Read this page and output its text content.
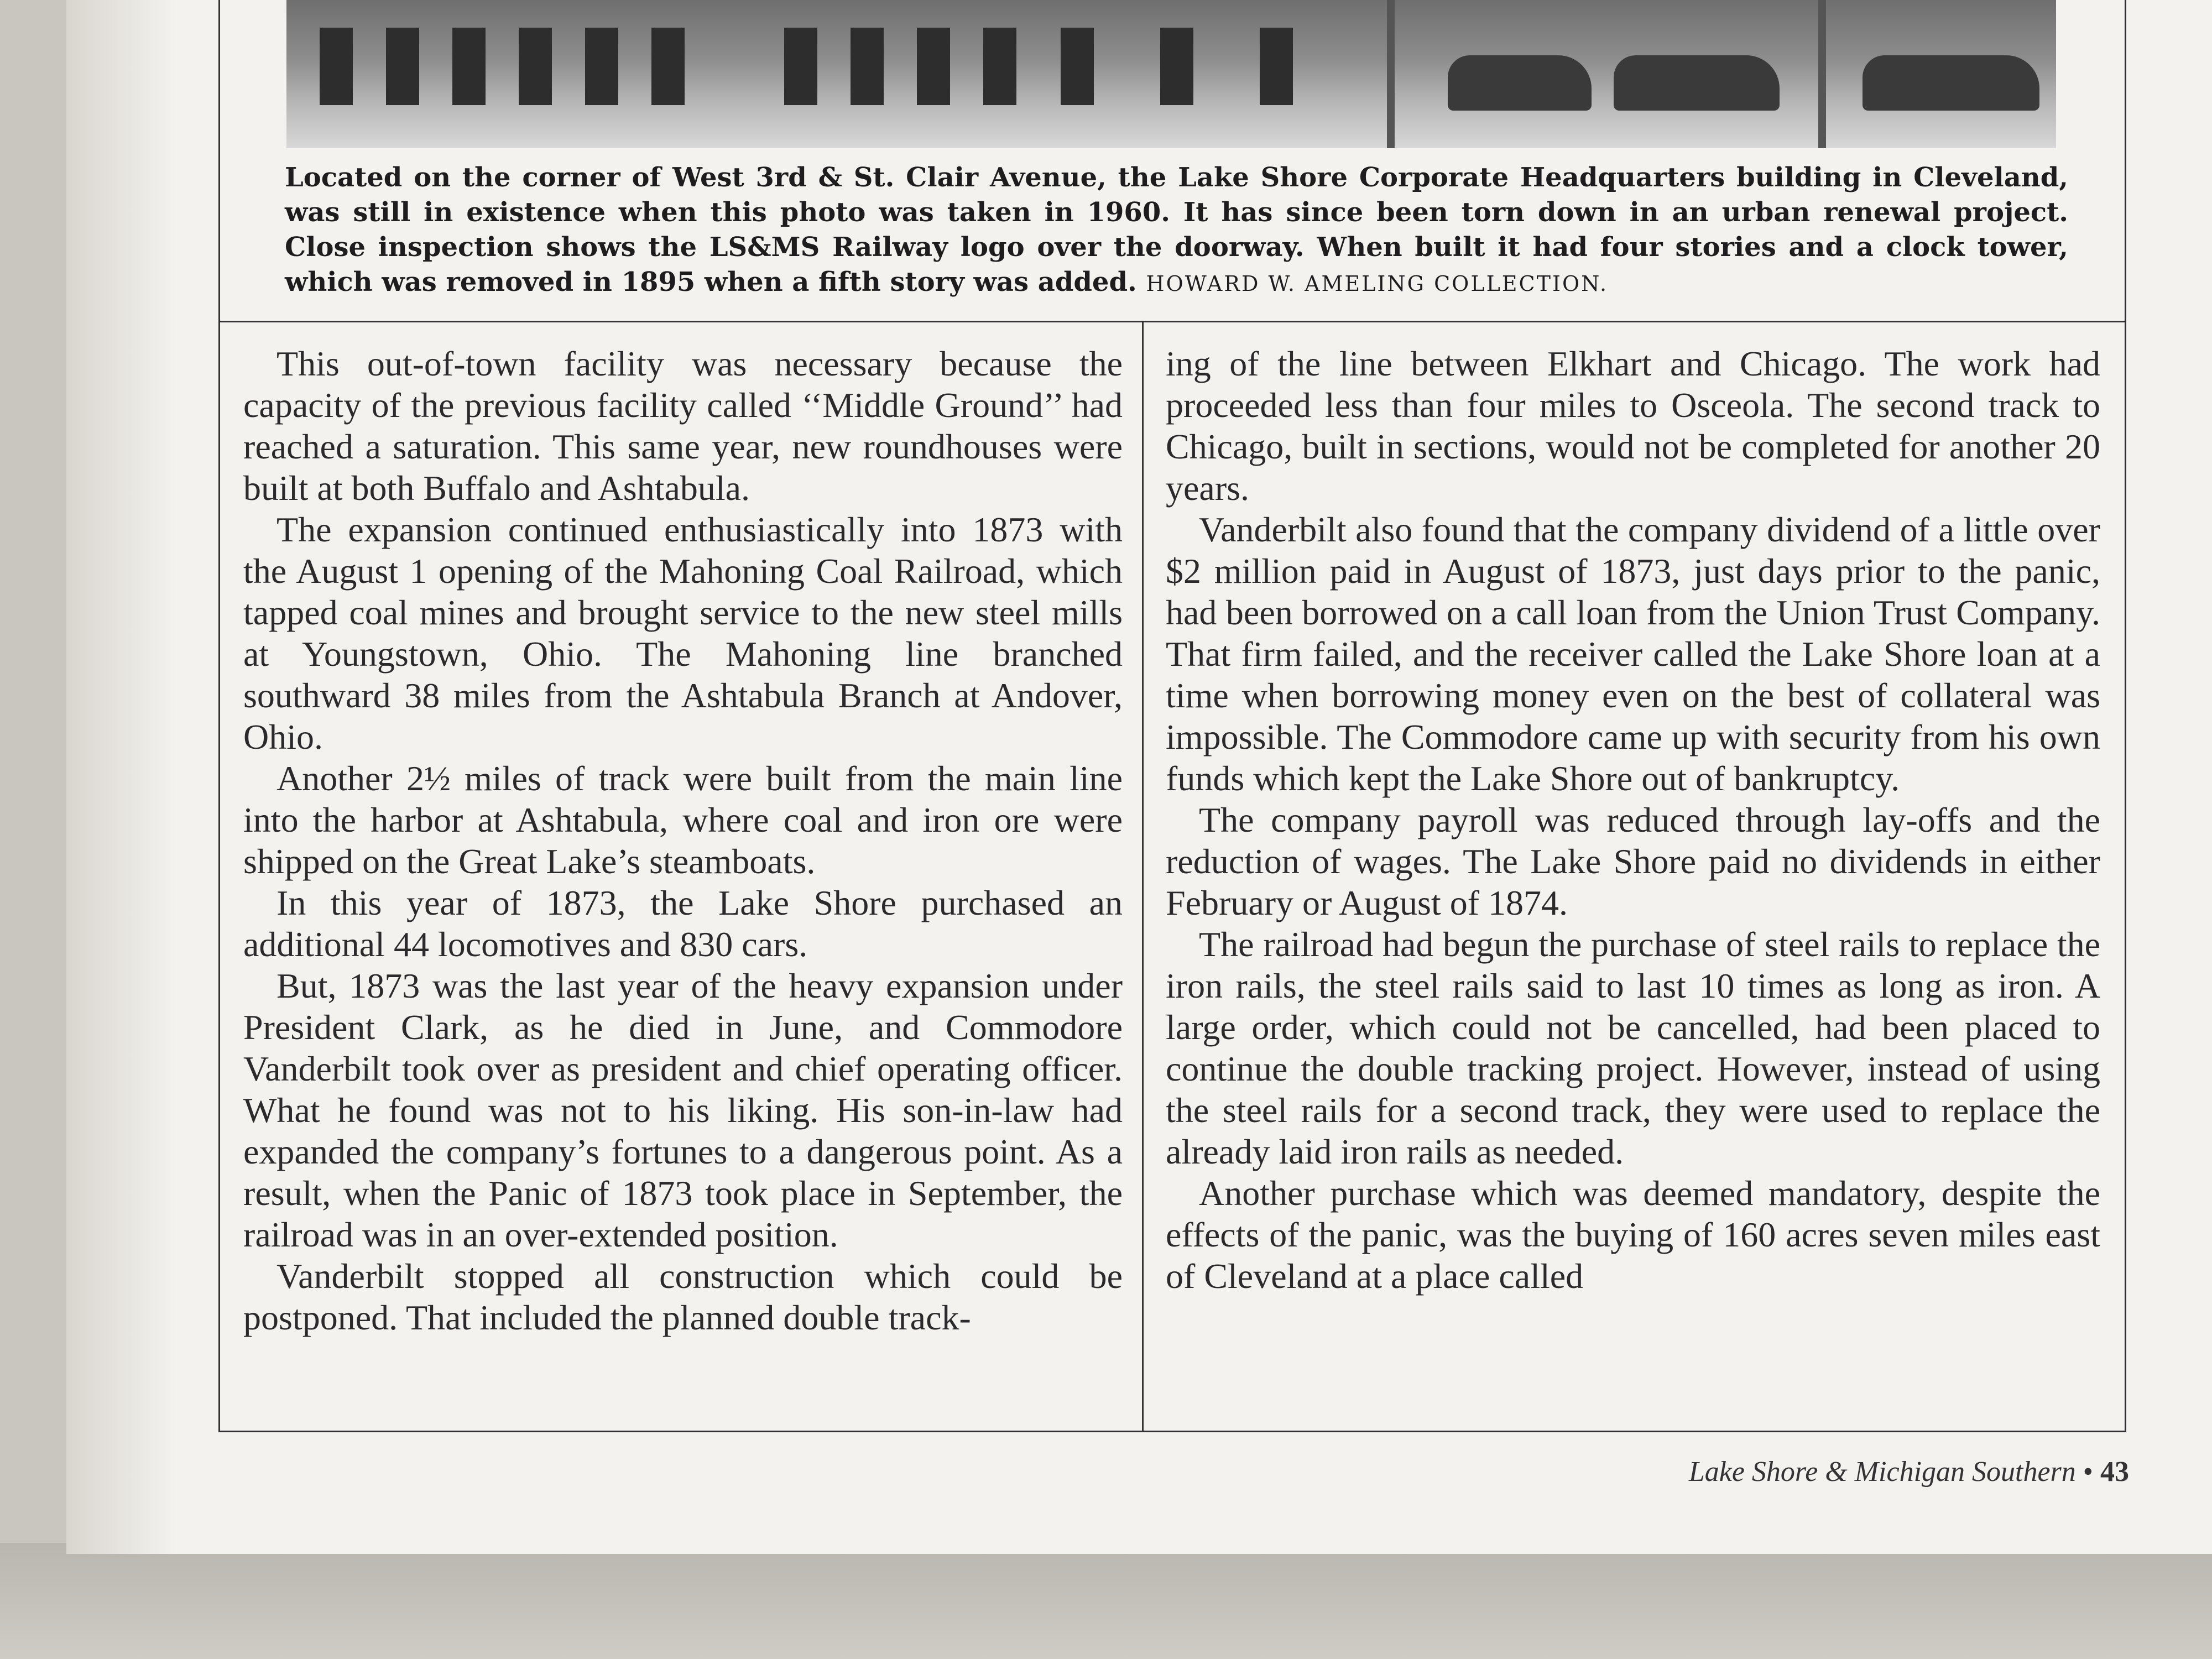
Located on the corner of West 3rd & St. Clair Avenue, the Lake Shore Corporate Headquarters building in Cleveland, was still in existence when this photo was taken in 1960. It has since been torn down in an urban renewal project. Close inspection shows the LS&MS Railway logo over the doorway. When built it had four stories and a clock tower, which was removed in 1895 when a fifth story was added. HOWARD W. AMELING COLLECTION.

This out-of-town facility was necessary because the capacity of the previous facility called ‘‘Middle Ground’’ had reached a saturation. This same year, new roundhouses were built at both Buffalo and Ashtabula.

The expansion continued enthusiastically into 1873 with the August 1 opening of the Mahoning Coal Railroad, which tapped coal mines and brought service to the new steel mills at Youngstown, Ohio. The Mahoning line branched southward 38 miles from the Ashtabula Branch at Andover, Ohio.

Another 2½ miles of track were built from the main line into the harbor at Ashtabula, where coal and iron ore were shipped on the Great Lake’s steamboats.

In this year of 1873, the Lake Shore purchased an additional 44 locomotives and 830 cars.

But, 1873 was the last year of the heavy expansion under President Clark, as he died in June, and Commodore Vanderbilt took over as president and chief operating officer. What he found was not to his liking. His son-in-law had expanded the company’s fortunes to a dangerous point. As a result, when the Panic of 1873 took place in September, the railroad was in an over-extended position.

Vanderbilt stopped all construction which could be postponed. That included the planned double track-

ing of the line between Elkhart and Chicago. The work had proceeded less than four miles to Osceola. The second track to Chicago, built in sections, would not be completed for another 20 years.

Vanderbilt also found that the company dividend of a little over $2 million paid in August of 1873, just days prior to the panic, had been borrowed on a call loan from the Union Trust Company. That firm failed, and the receiver called the Lake Shore loan at a time when borrowing money even on the best of collateral was impossible. The Commodore came up with security from his own funds which kept the Lake Shore out of bankruptcy.

The company payroll was reduced through lay-offs and the reduction of wages. The Lake Shore paid no dividends in either February or August of 1874.

The railroad had begun the purchase of steel rails to replace the iron rails, the steel rails said to last 10 times as long as iron. A large order, which could not be cancelled, had been placed to continue the double tracking project. However, instead of using the steel rails for a second track, they were used to replace the already laid iron rails as needed.

Another purchase which was deemed mandatory, despite the effects of the panic, was the buying of 160 acres seven miles east of Cleveland at a place called

Lake Shore & Michigan Southern • 43
